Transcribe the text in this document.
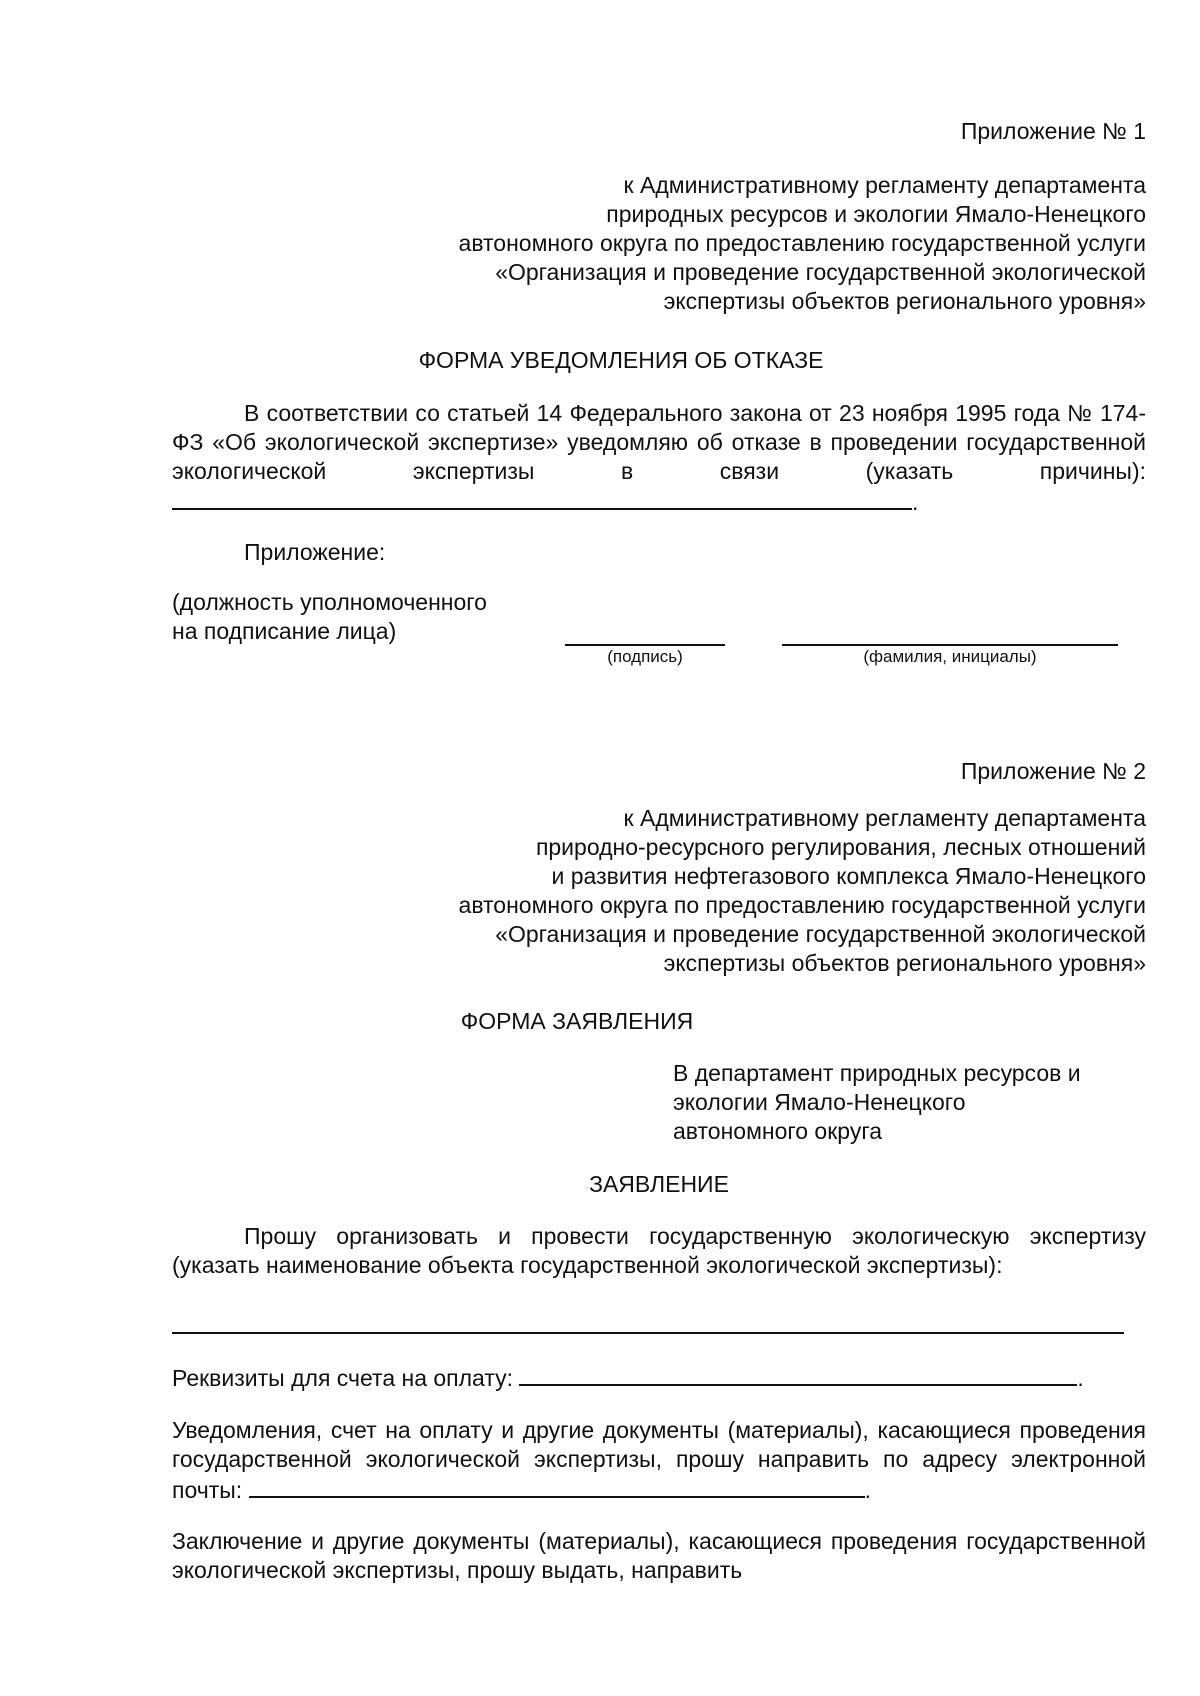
Приложение № 1
к Административному регламенту департамента
природных ресурсов и экологии Ямало-Ненецкого
автономного округа по предоставлению государственной услуги
«Организация и проведение государственной экологической
экспертизы объектов регионального уровня»
ФОРМА УВЕДОМЛЕНИЯ ОБ ОТКАЗЕ
В соответствии со статьей 14 Федерального закона от 23 ноября 1995 года № 174-ФЗ «Об экологической экспертизе» уведомляю об отказе в проведении государственной экологической экспертизы в связи (указать причины): .
Приложение:
(должность уполномоченного
на подписание лица)
(подпись)	(фамилия, инициалы)
Приложение № 2
к Административному регламенту департамента
природно-ресурсного регулирования, лесных отношений
и развития нефтегазового комплекса Ямало-Ненецкого
автономного округа по предоставлению государственной услуги
«Организация и проведение государственной экологической
экспертизы объектов регионального уровня»
ФОРМА ЗАЯВЛЕНИЯ
В департамент природных ресурсов и
экологии Ямало-Ненецкого
автономного округа
ЗАЯВЛЕНИЕ
Прошу организовать и провести государственную экологическую экспертизу (указать наименование объекта государственной экологической экспертизы):
Реквизиты для счета на оплату:	.
Уведомления, счет на оплату и другие документы (материалы), касающиеся проведения государственной экологической экспертизы, прошу направить по адресу электронной почты:	.
Заключение и другие документы (материалы), касающиеся проведения государственной экологической экспертизы, прошу выдать, направить
